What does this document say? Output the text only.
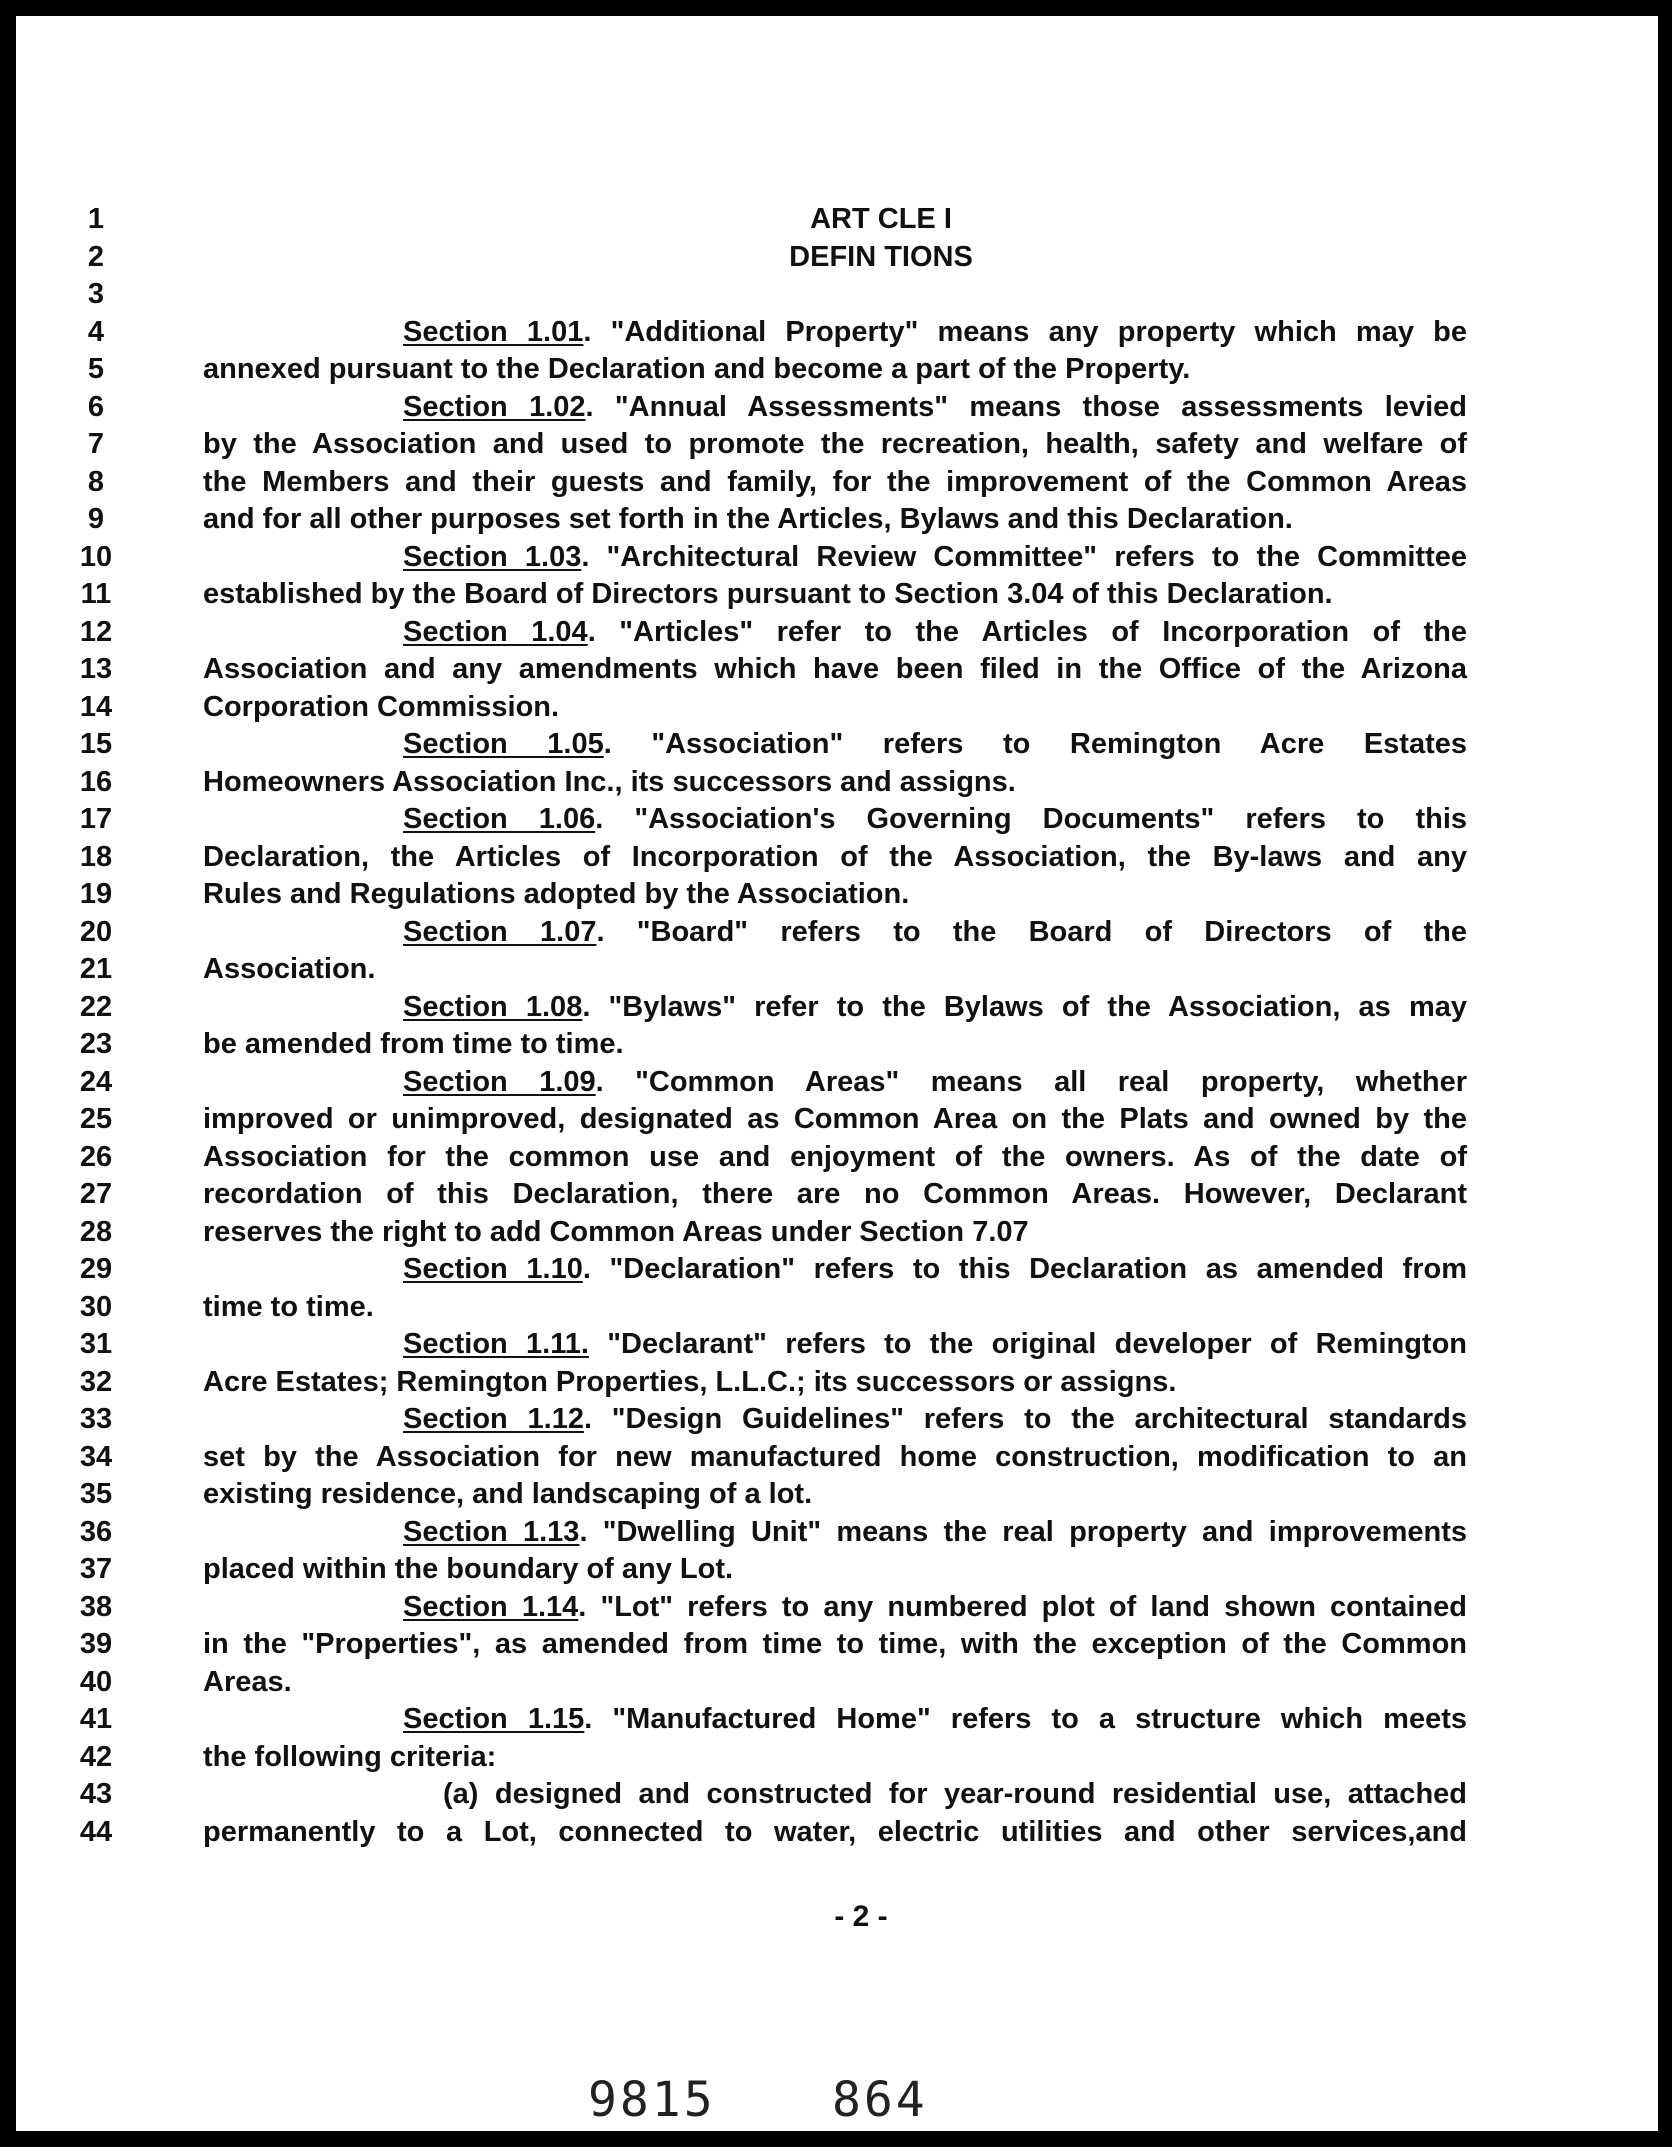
1	ART CLE I
2	DEFIN TIONS
3
4	Section 1.01. "Additional Property" means any property which may be
5	annexed pursuant to the Declaration and become a part of the Property.
6	Section 1.02. "Annual Assessments" means those assessments levied
7	by the Association and used to promote the recreation, health, safety and welfare of
8	the Members and their guests and family, for the improvement of the Common Areas
9	and for all other purposes set forth in the Articles, Bylaws and this Declaration.
10	Section 1.03. "Architectural Review Committee" refers to the Committee
11	established by the Board of Directors pursuant to Section 3.04 of this Declaration.
12	Section 1.04. "Articles" refer to the Articles of Incorporation of the
13	Association and any amendments which have been filed in the Office of the Arizona
14	Corporation Commission.
15	Section 1.05. "Association" refers to Remington Acre Estates
16	Homeowners Association Inc., its successors and assigns.
17	Section 1.06. "Association's Governing Documents" refers to this
18	Declaration, the Articles of Incorporation of the Association, the By-laws and any
19	Rules and Regulations adopted by the Association.
20	Section 1.07. "Board" refers to the Board of Directors of the
21	Association.
22	Section 1.08. "Bylaws" refer to the Bylaws of the Association, as may
23	be amended from time to time.
24	Section 1.09. "Common Areas" means all real property, whether
25	improved or unimproved, designated as Common Area on the Plats and owned by the
26	Association for the common use and enjoyment of the owners. As of the date of
27	recordation of this Declaration, there are no Common Areas. However, Declarant
28	reserves the right to add Common Areas under Section 7.07
29	Section 1.10. "Declaration" refers to this Declaration as amended from
30	time to time.
31	Section 1.11. "Declarant" refers to the original developer of Remington
32	Acre Estates; Remington Properties, L.L.C.; its successors or assigns.
33	Section 1.12. "Design Guidelines" refers to the architectural standards
34	set by the Association for new manufactured home construction, modification to an
35	existing residence, and landscaping of a lot.
36	Section 1.13. "Dwelling Unit" means the real property and improvements
37	placed within the boundary of any Lot.
38	Section 1.14. "Lot" refers to any numbered plot of land shown contained
39	in the "Properties", as amended from time to time, with the exception of the Common
40	Areas.
41	Section 1.15. "Manufactured Home" refers to a structure which meets
42	the following criteria:
43	(a) designed and constructed for year-round residential use, attached
44	permanently to a Lot, connected to water, electric utilities and other services,and
- 2 -
9815 864
